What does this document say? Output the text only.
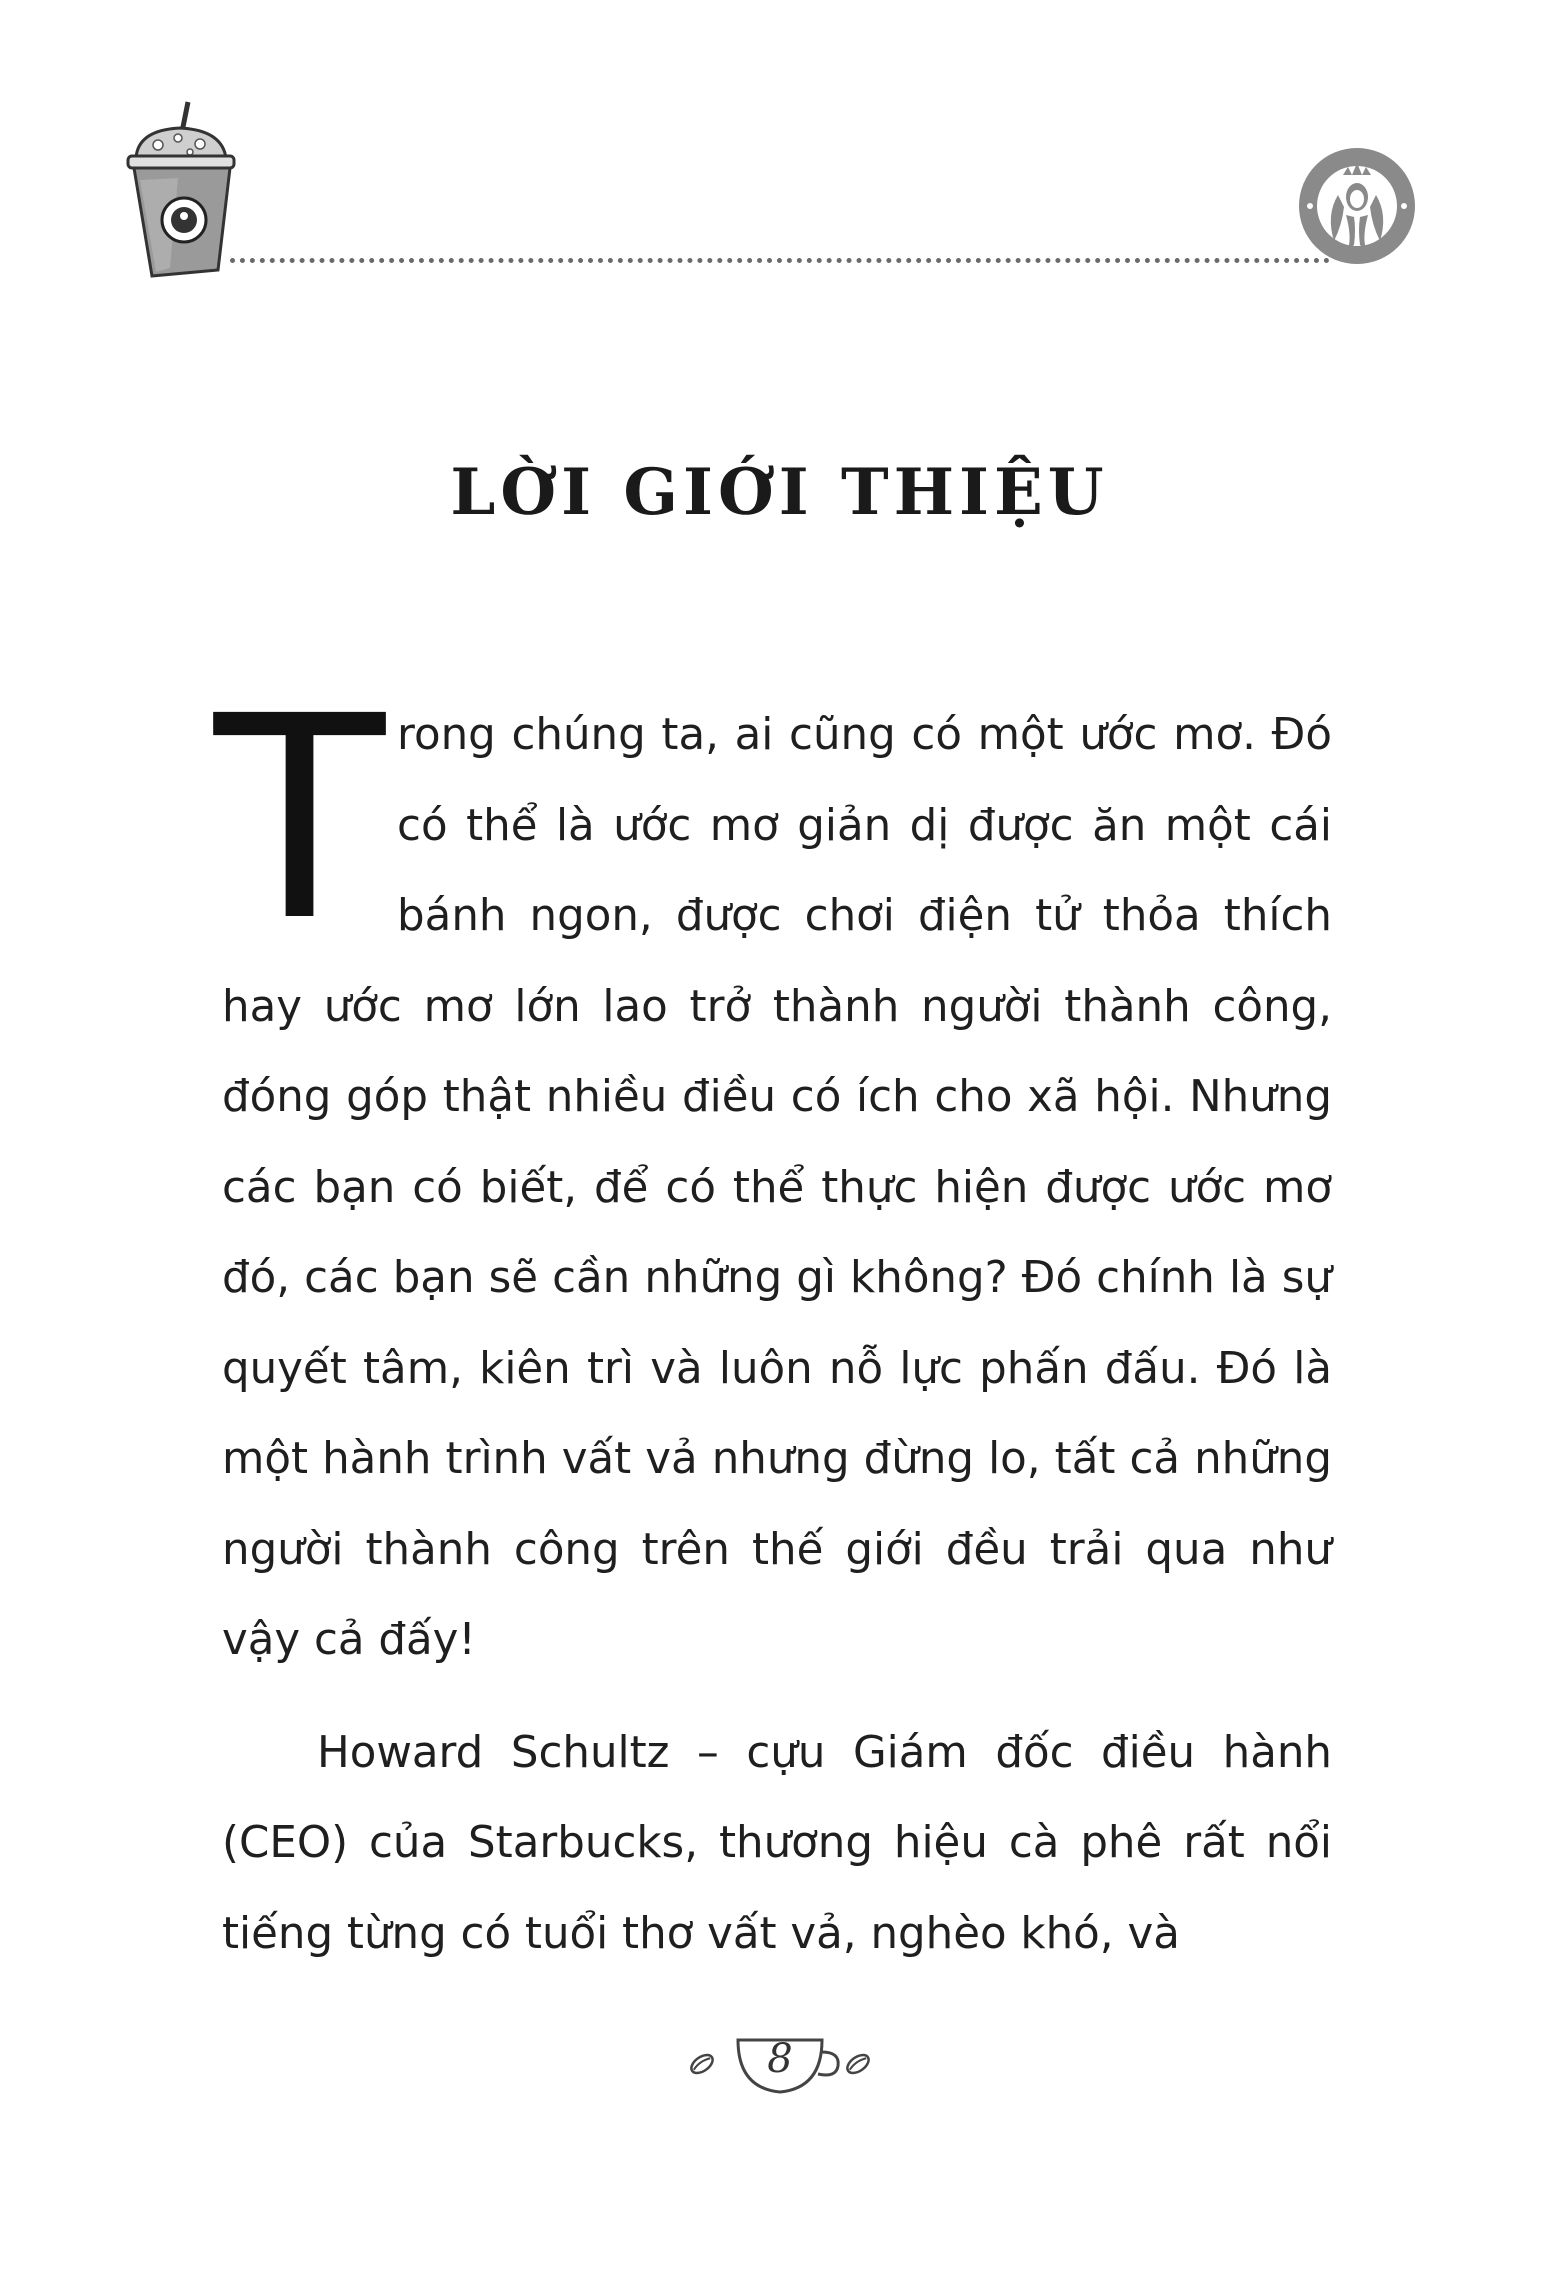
LỜI GIỚI THIỆU

Trong chúng ta, ai cũng có một ước mơ. Đó có thể là ước mơ giản dị được ăn một cái bánh ngon, được chơi điện tử thỏa thích hay ước mơ lớn lao trở thành người thành công, đóng góp thật nhiều điều có ích cho xã hội. Nhưng các bạn có biết, để có thể thực hiện được ước mơ đó, các bạn sẽ cần những gì không? Đó chính là sự quyết tâm, kiên trì và luôn nỗ lực phấn đấu. Đó là một hành trình vất vả nhưng đừng lo, tất cả những người thành công trên thế giới đều trải qua như vậy cả đấy!

Howard Schultz – cựu Giám đốc điều hành (CEO) của Starbucks, thương hiệu cà phê rất nổi tiếng từng có tuổi thơ vất vả, nghèo khó, và

8
